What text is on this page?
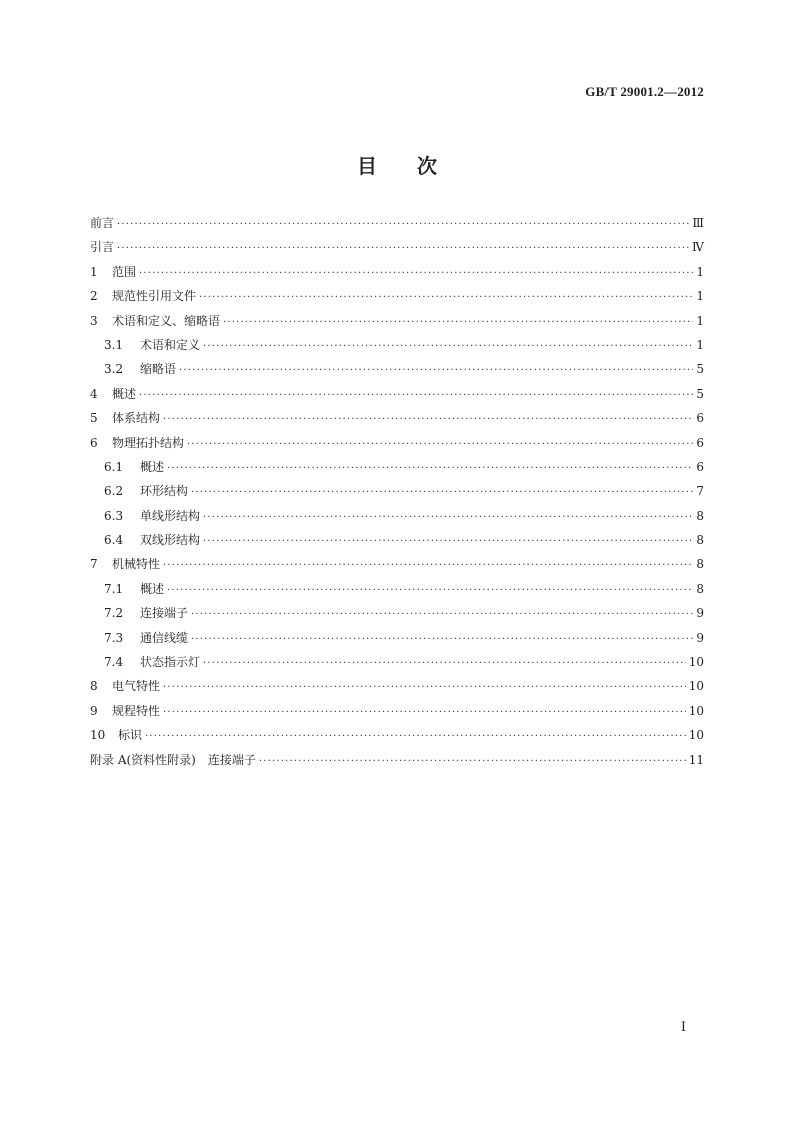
GB/T 29001.2—2012
目　　次
前言 ·····	Ⅲ
引言 ·····	Ⅳ
1	范围 ·····	1
2	规范性引用文件 ·····	1
3	术语和定义、缩略语 ·····	1
3.1	术语和定义 ·····	1
3.2	缩略语 ·····	5
4	概述 ·····	5
5	体系结构 ·····	6
6	物理拓扑结构 ·····	6
6.1	概述 ·····	6
6.2	环形结构 ·····	7
6.3	单线形结构 ·····	8
6.4	双线形结构 ·····	8
7	机械特性 ·····	8
7.1	概述 ·····	8
7.2	连接端子 ·····	9
7.3	通信线缆 ·····	9
7.4	状态指示灯 ·····	10
8	电气特性 ·····	10
9	规程特性 ·····	10
10	标识 ·····	10
附录 A(资料性附录)　连接端子 ·····	11
I
